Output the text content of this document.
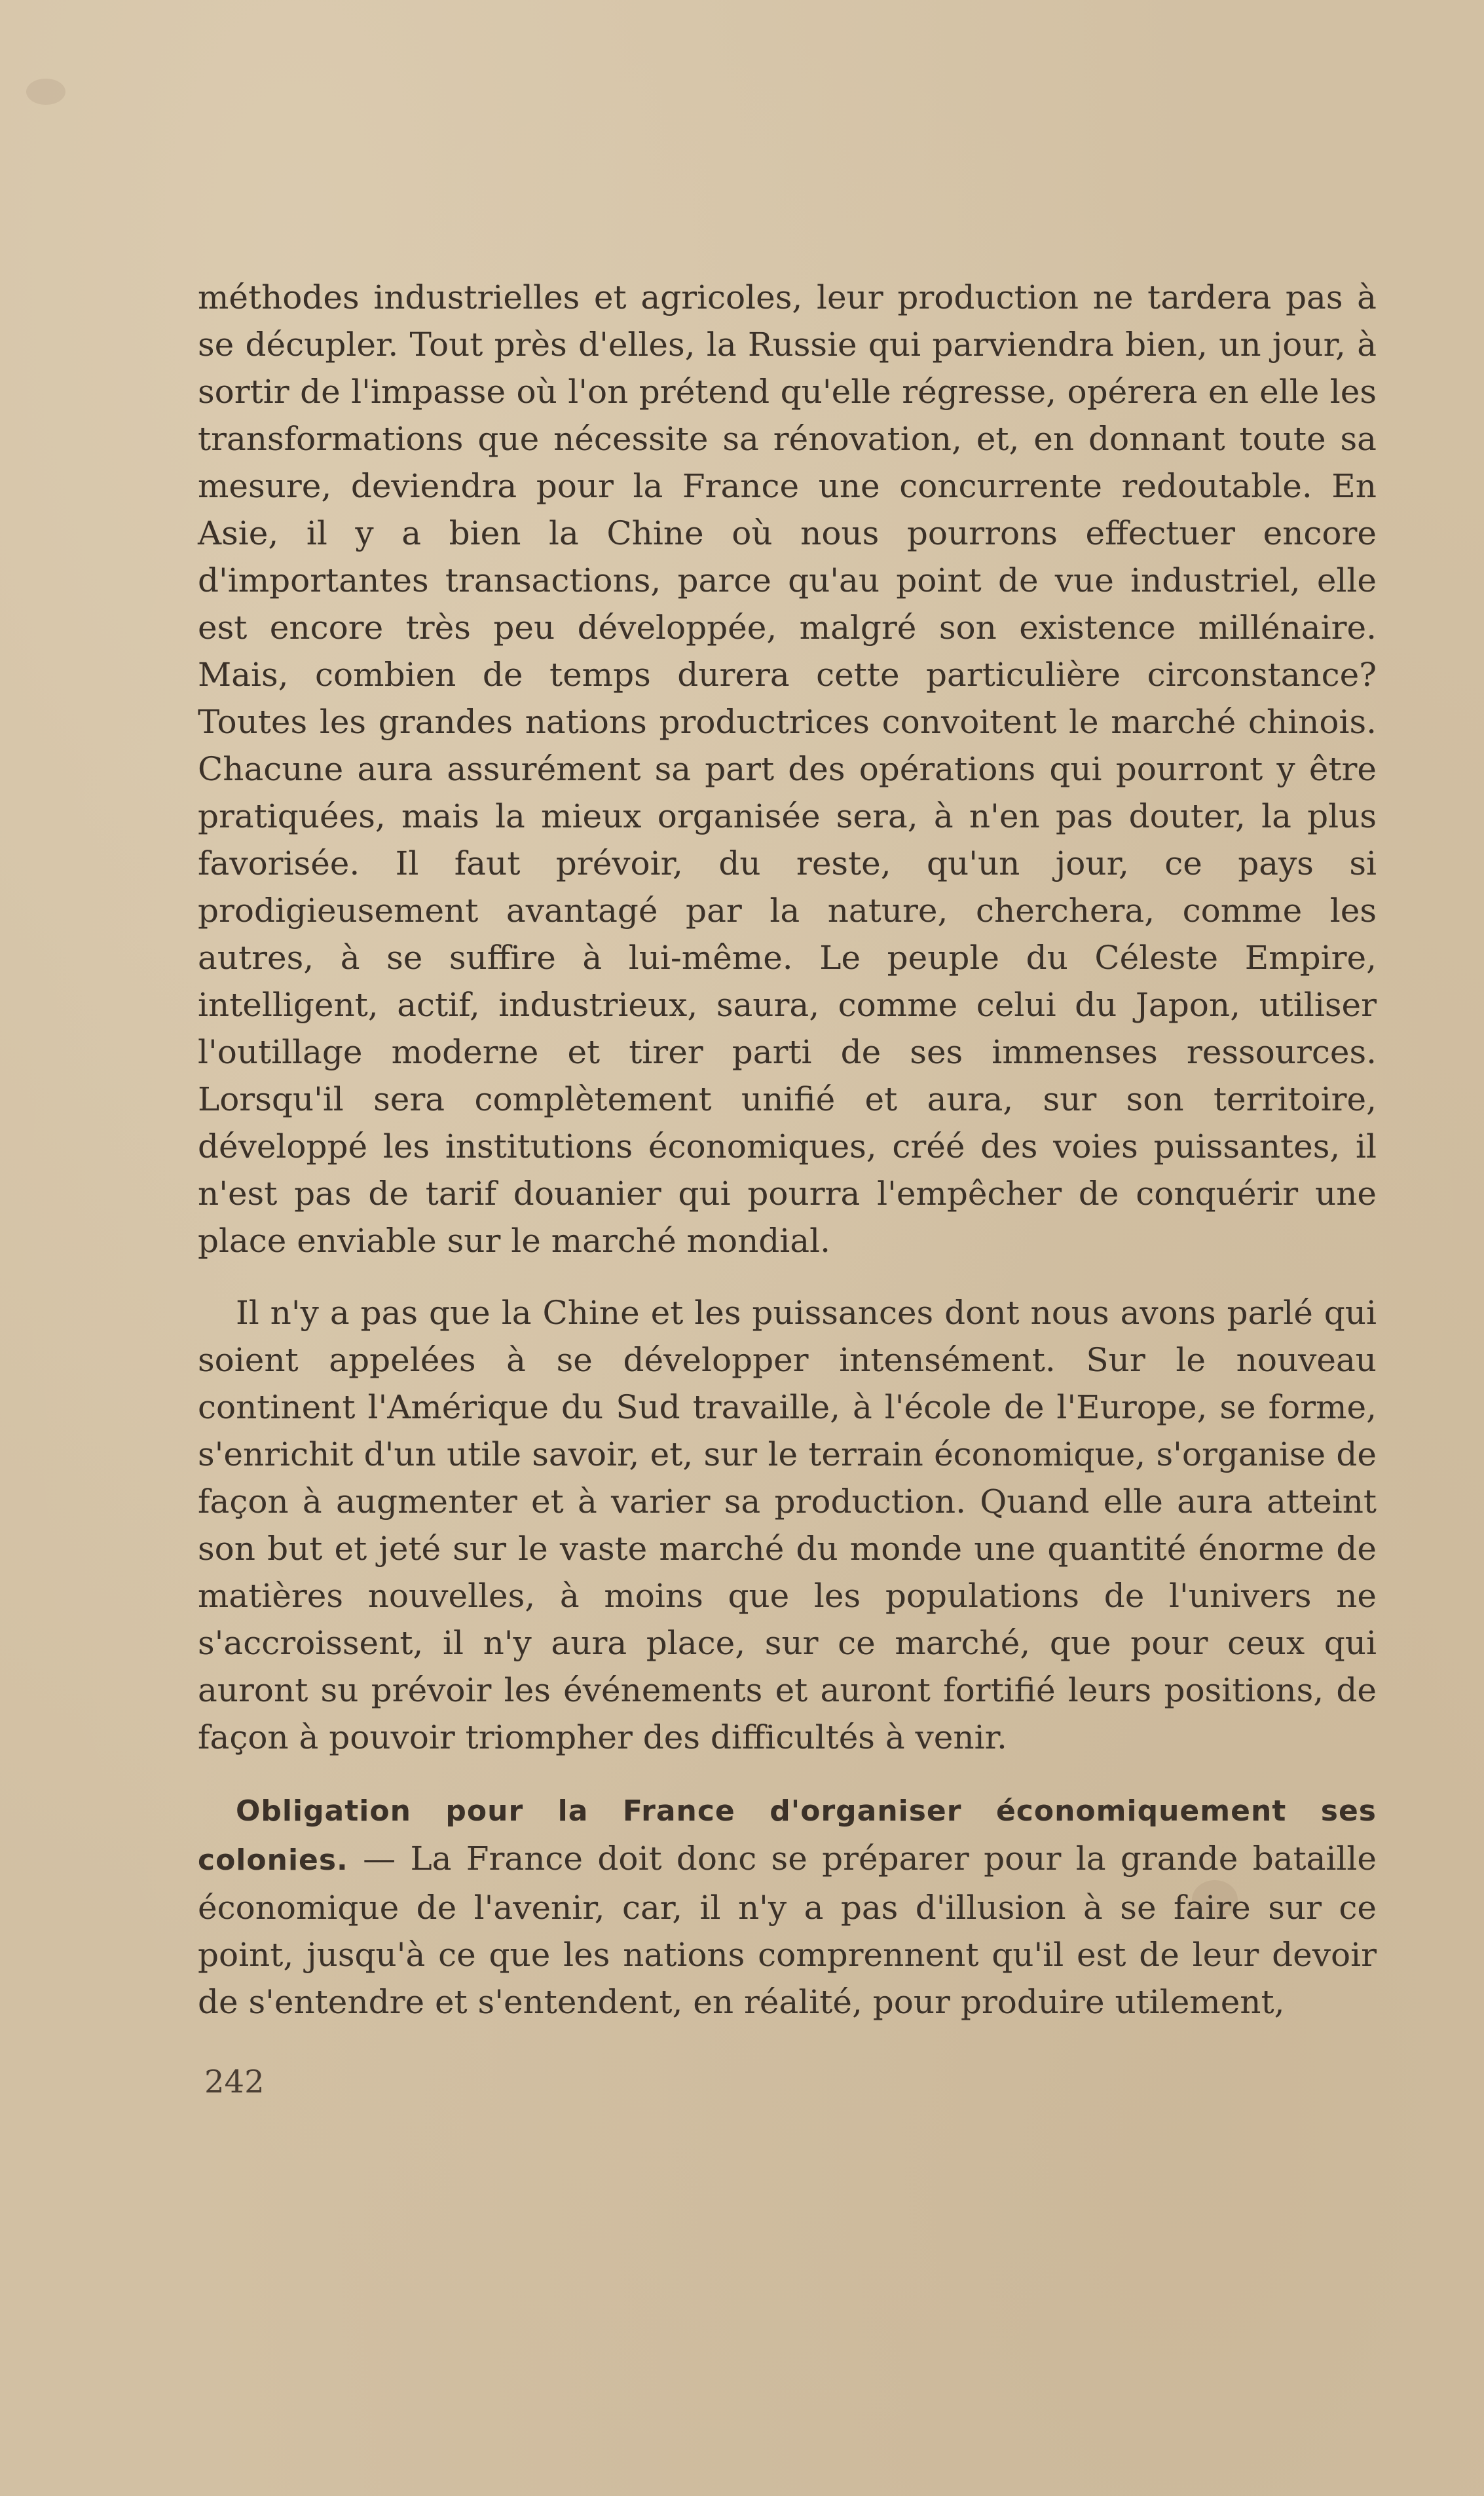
méthodes industrielles et agricoles, leur production ne tardera pas à se décupler. Tout près d'elles, la Russie qui parviendra bien, un jour, à sortir de l'impasse où l'on prétend qu'elle régresse, opérera en elle les transformations que nécessite sa rénovation, et, en donnant toute sa mesure, deviendra pour la France une concurrente redoutable. En Asie, il y a bien la Chine où nous pourrons effectuer encore d'importantes transactions, parce qu'au point de vue industriel, elle est encore très peu développée, malgré son existence millénaire. Mais, combien de temps durera cette particulière circonstance? Toutes les grandes nations productrices convoitent le marché chinois. Chacune aura assurément sa part des opérations qui pourront y être pratiquées, mais la mieux organisée sera, à n'en pas douter, la plus favorisée. Il faut prévoir, du reste, qu'un jour, ce pays si prodigieusement avantagé par la nature, cherchera, comme les autres, à se suffire à lui-même. Le peuple du Céleste Empire, intelligent, actif, industrieux, saura, comme celui du Japon, utiliser l'outillage moderne et tirer parti de ses immenses ressources. Lorsqu'il sera complètement unifié et aura, sur son territoire, développé les institutions économiques, créé des voies puissantes, il n'est pas de tarif douanier qui pourra l'empêcher de conquérir une place enviable sur le marché mondial.

Il n'y a pas que la Chine et les puissances dont nous avons parlé qui soient appelées à se développer intensément. Sur le nouveau continent l'Amérique du Sud travaille, à l'école de l'Europe, se forme, s'enrichit d'un utile savoir, et, sur le terrain économique, s'organise de façon à augmenter et à varier sa production. Quand elle aura atteint son but et jeté sur le vaste marché du monde une quantité énorme de matières nouvelles, à moins que les populations de l'univers ne s'accroissent, il n'y aura place, sur ce marché, que pour ceux qui auront su prévoir les événements et auront fortifié leurs positions, de façon à pouvoir triompher des difficultés à venir.

Obligation pour la France d'organiser économiquement ses colonies. — La France doit donc se préparer pour la grande bataille économique de l'avenir, car, il n'y a pas d'illusion à se faire sur ce point, jusqu'à ce que les nations comprennent qu'il est de leur devoir de s'entendre et s'entendent, en réalité, pour produire utilement,

242
